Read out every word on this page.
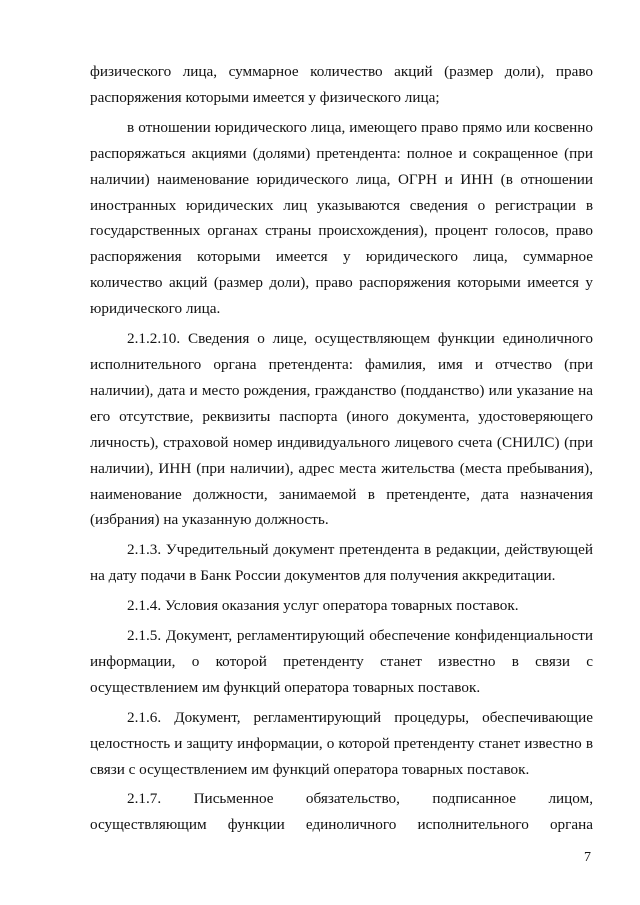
физического лица, суммарное количество акций (размер доли), право распоряжения которыми имеется у физического лица;

в отношении юридического лица, имеющего право прямо или косвенно распоряжаться акциями (долями) претендента: полное и сокращенное (при наличии) наименование юридического лица, ОГРН и ИНН (в отношении иностранных юридических лиц указываются сведения о регистрации в государственных органах страны происхождения), процент голосов, право распоряжения которыми имеется у юридического лица, суммарное количество акций (размер доли), право распоряжения которыми имеется у юридического лица.

2.1.2.10. Сведения о лице, осуществляющем функции единоличного исполнительного органа претендента: фамилия, имя и отчество (при наличии), дата и место рождения, гражданство (подданство) или указание на его отсутствие, реквизиты паспорта (иного документа, удостоверяющего личность), страховой номер индивидуального лицевого счета (СНИЛС) (при наличии), ИНН (при наличии), адрес места жительства (места пребывания), наименование должности, занимаемой в претенденте, дата назначения (избрания) на указанную должность.

2.1.3. Учредительный документ претендента в редакции, действующей на дату подачи в Банк России документов для получения аккредитации.

2.1.4. Условия оказания услуг оператора товарных поставок.

2.1.5. Документ, регламентирующий обеспечение конфиденциальности информации, о которой претенденту станет известно в связи с осуществлением им функций оператора товарных поставок.

2.1.6. Документ, регламентирующий процедуры, обеспечивающие целостность и защиту информации, о которой претенденту станет известно в связи с осуществлением им функций оператора товарных поставок.

2.1.7. Письменное обязательство, подписанное лицом, осуществляющим функции единоличного исполнительного органа

7
